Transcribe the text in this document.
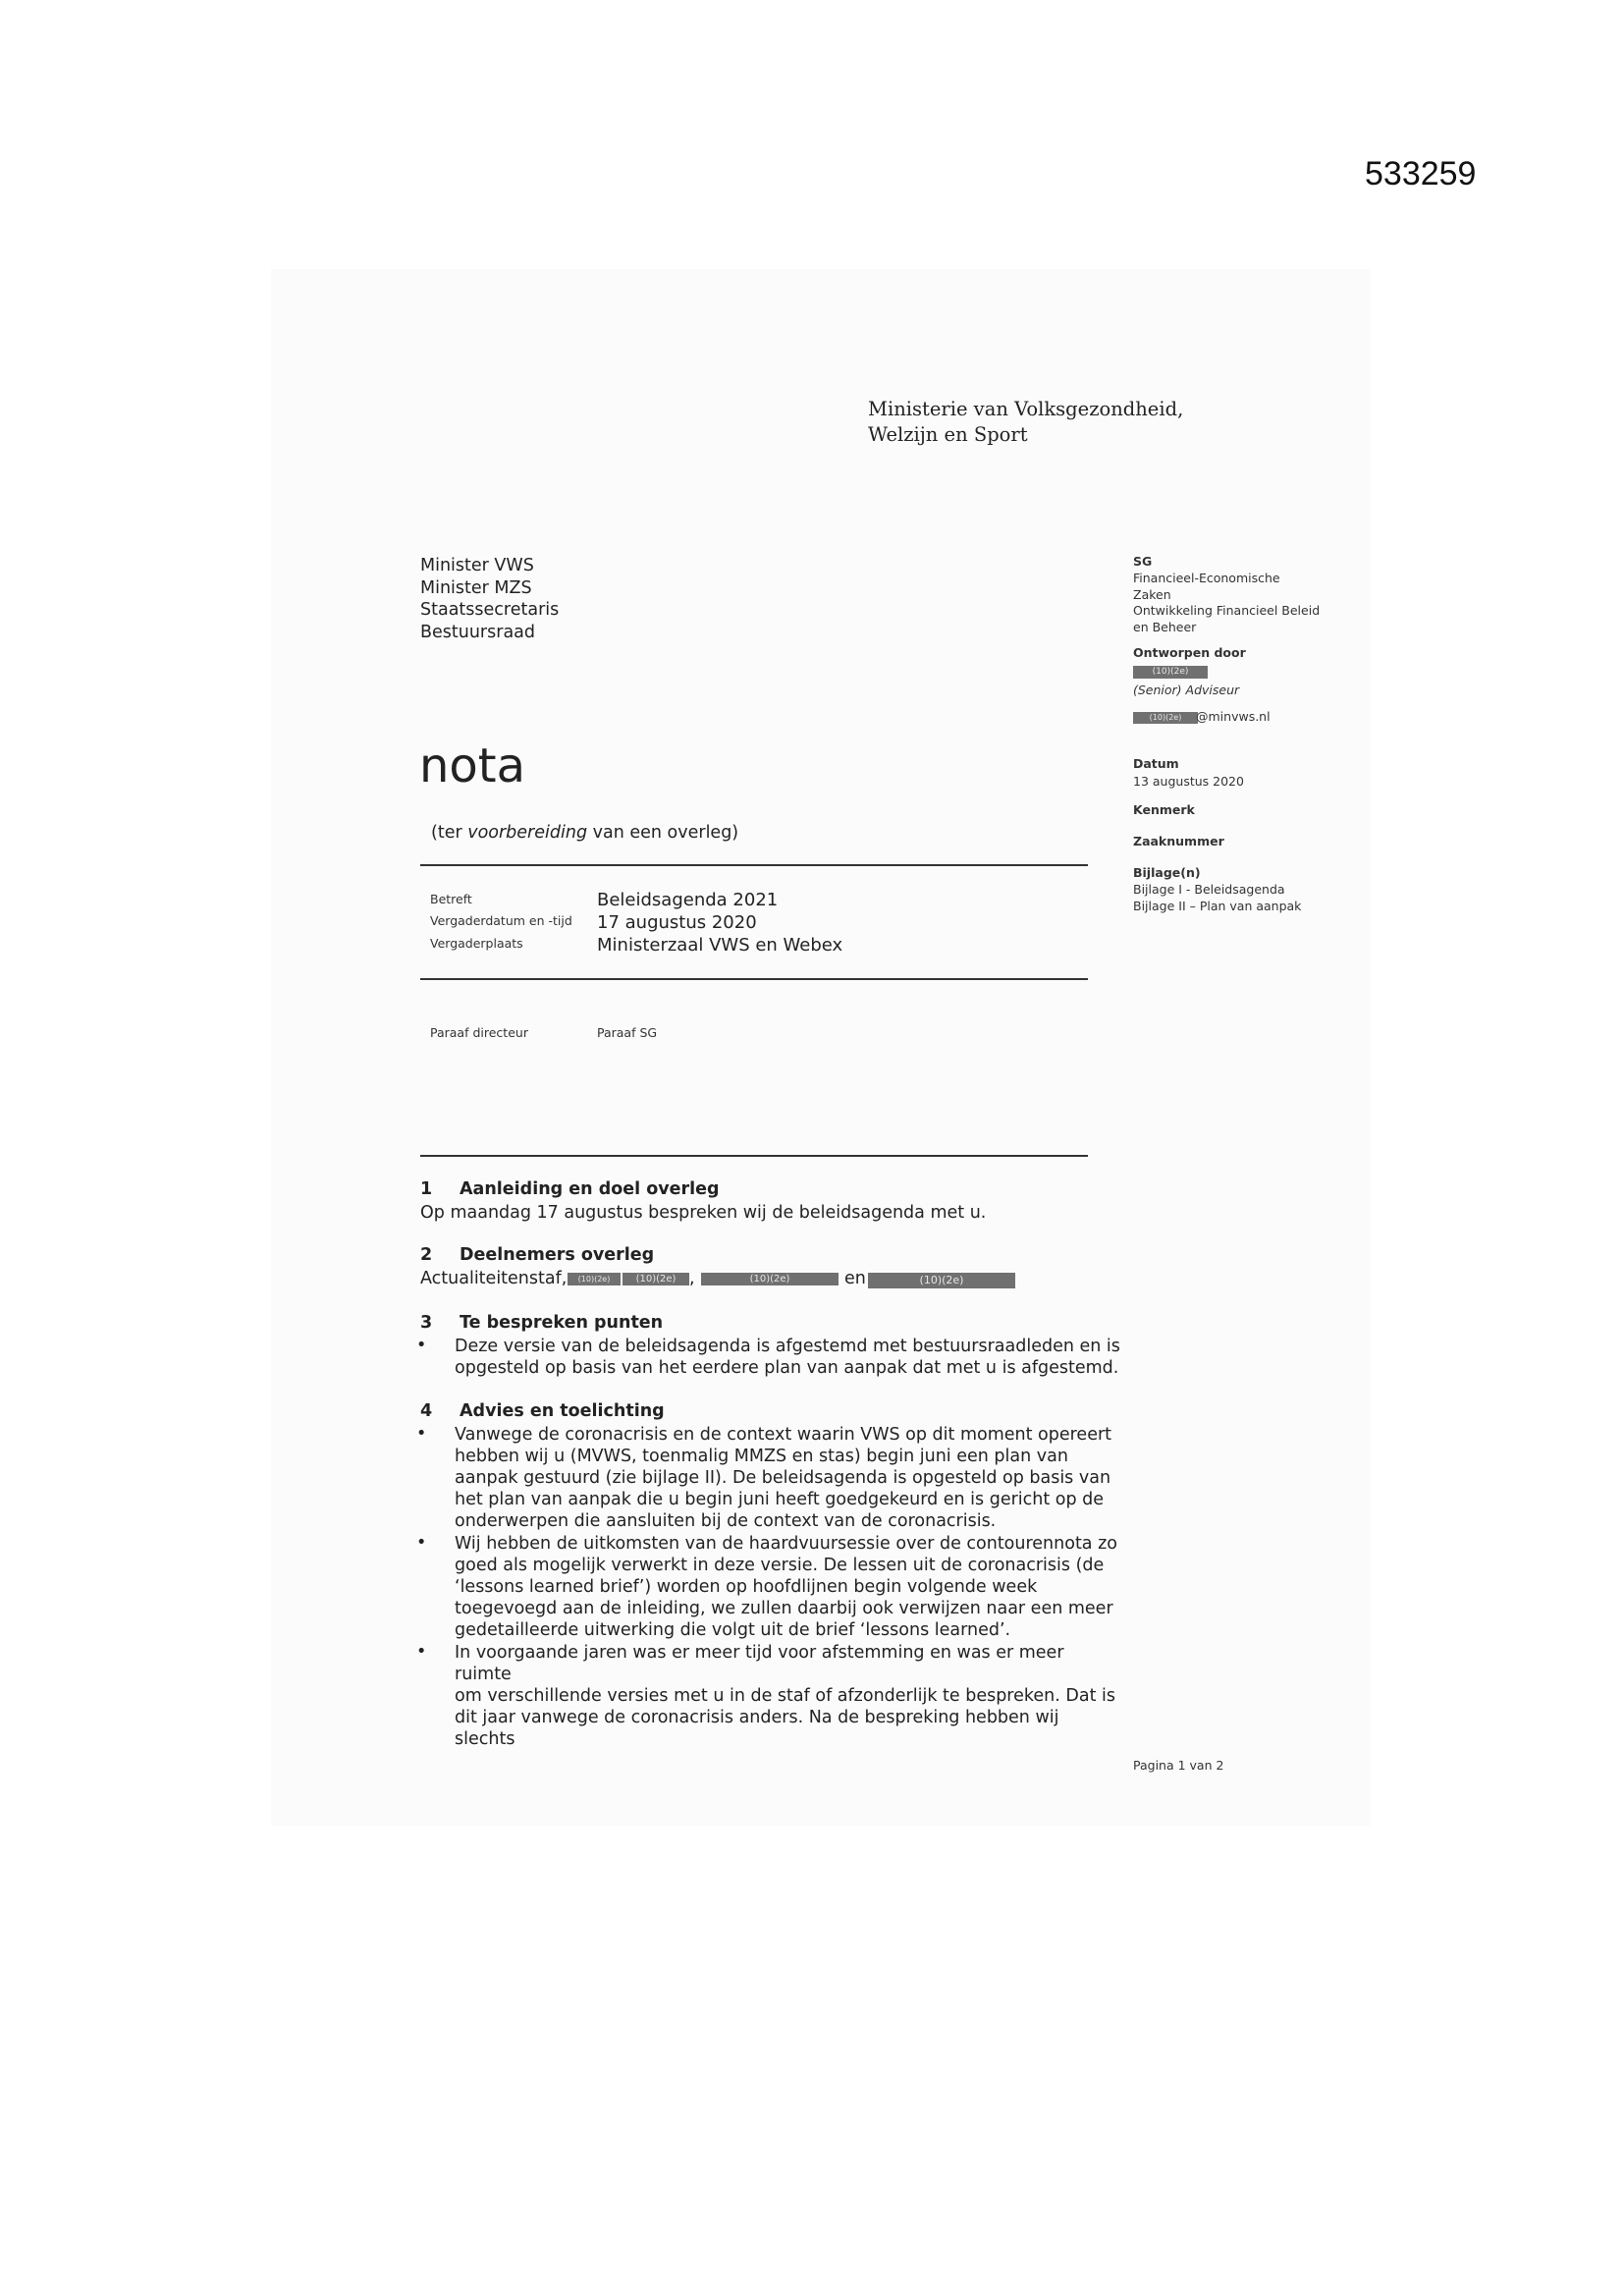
533259
Ministerie van Volksgezondheid,
Welzijn en Sport
Minister VWS
Minister MZS
Staatssecretaris
Bestuursraad
nota
(ter voorbereiding van een overleg)
Betreft	Beleidsagenda 2021
Vergaderdatum en -tijd 17 augustus 2020
Vergaderplaats	Ministerzaal VWS en Webex
Paraaf directeur	Paraaf SG
1 Aanleiding en doel overleg
Op maandag 17 augustus bespreken wij de beleidsagenda met u.
2 Deelnemers overleg
Actualiteitenstaf,	(10)(2e)	(10)(2e) ,	(10)(2e)	en	(10)(2e)
3 Te bespreken punten
• Deze versie van de beleidsagenda is afgestemd met bestuursraadleden en is
opgesteld op basis van het eerdere plan van aanpak dat met u is afgestemd.
4 Advies en toelichting
• Vanwege de coronacrisis en de context waarin VWS op dit moment opereert
hebben wij u (MVWS, toenmalig MMZS en stas) begin juni een plan van
aanpak gestuurd (zie bijlage II). De beleidsagenda is opgesteld op basis van
het plan van aanpak die u begin juni heeft goedgekeurd en is gericht op de
onderwerpen die aansluiten bij de context van de coronacrisis.
• Wij hebben de uitkomsten van de haardvuursessie over de contourennota zo
goed als mogelijk verwerkt in deze versie. De lessen uit de coronacrisis (de
‘lessons learned brief’) worden op hoofdlijnen begin volgende week
toegevoegd aan de inleiding, we zullen daarbij ook verwijzen naar een meer
gedetailleerde uitwerking die volgt uit de brief ‘lessons learned’.
• In voorgaande jaren was er meer tijd voor afstemming en was er meer ruimte
om verschillende versies met u in de staf of afzonderlijk te bespreken. Dat is
dit jaar vanwege de coronacrisis anders. Na de bespreking hebben wij slechts
SG
Financieel-Economische
Zaken
Ontwikkeling Financieel Beleid
en Beheer
Ontworpen door
(10)(2e)
(Senior) Adviseur
(10)(2e)	@minvws.nl
Datum
13 augustus 2020
Kenmerk
Zaaknummer
Bijlage(n)
Bijlage I - Beleidsagenda
Bijlage II – Plan van aanpak
Pagina 1 van 2
